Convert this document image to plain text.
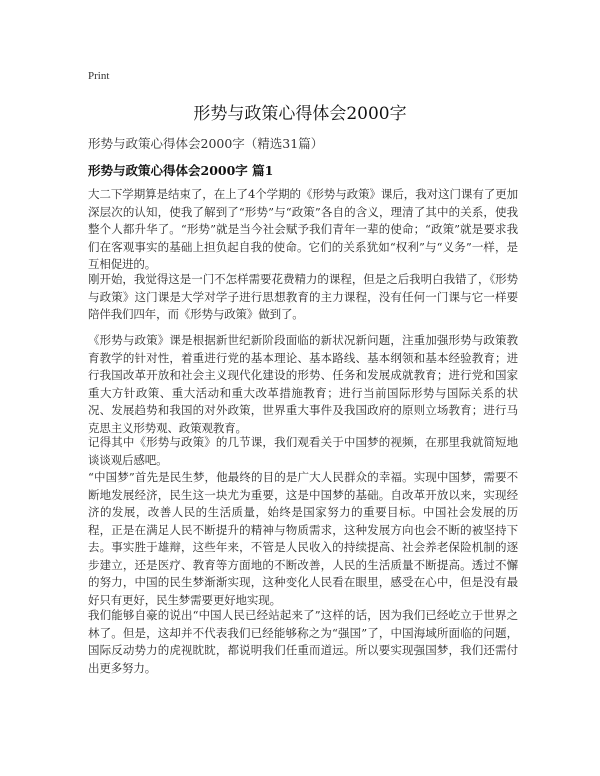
Print
形势与政策心得体会2000字
形势与政策心得体会2000字（精选31篇）
形势与政策心得体会2000字 篇1

大二下学期算是结束了，在上了4个学期的《形势与政策》课后，我对这门课有了更加深层次的认知，使我了解到了“形势”与“政策”各自的含义，理清了其中的关系，使我整个人都升华了。“形势”就是当今社会赋予我们青年一辈的使命；“政策”就是要求我们在客观事实的基础上担负起自我的使命。它们的关系犹如“权利”与“义务”一样，是互相促进的。

刚开始，我觉得这是一门不怎样需要花费精力的课程，但是之后我明白我错了，《形势与政策》这门课是大学对学子进行思想教育的主力课程，没有任何一门课与它一样要陪伴我们四年，而《形势与政策》做到了。

《形势与政策》课是根据新世纪新阶段面临的新状况新问题，注重加强形势与政策教育教学的针对性，着重进行党的基本理论、基本路线、基本纲领和基本经验教育；进行我国改革开放和社会主义现代化建设的形势、任务和发展成就教育；进行党和国家重大方针政策、重大活动和重大改革措施教育；进行当前国际形势与国际关系的状况、发展趋势和我国的对外政策，世界重大事件及我国政府的原则立场教育；进行马克思主义形势观、政策观教育。

记得其中《形势与政策》的几节课，我们观看关于中国梦的视频，在那里我就简短地谈谈观后感吧。

“中国梦”首先是民生梦，他最终的目的是广大人民群众的幸福。实现中国梦，需要不断地发展经济，民生这一块尤为重要，这是中国梦的基础。自改革开放以来，实现经济的发展，改善人民的生活质量，始终是国家努力的重要目标。中国社会发展的历程，正是在满足人民不断提升的精神与物质需求，这种发展方向也会不断的被坚持下去。事实胜于雄辩，这些年来，不管是人民收入的持续提高、社会养老保险机制的逐步建立，还是医疗、教育等方面地的不断改善，人民的生活质量不断提高。透过不懈的努力，中国的民生梦渐渐实现，这种变化人民看在眼里，感受在心中，但是没有最好只有更好，民生梦需要更好地实现。

我们能够自豪的说出“中国人民已经站起来了”这样的话，因为我们已经屹立于世界之林了。但是，这却并不代表我们已经能够称之为“强国”了，中国海域所面临的问题，国际反动势力的虎视眈眈，都说明我们任重而道远。所以要实现强国梦，我们还需付出更多努力。
